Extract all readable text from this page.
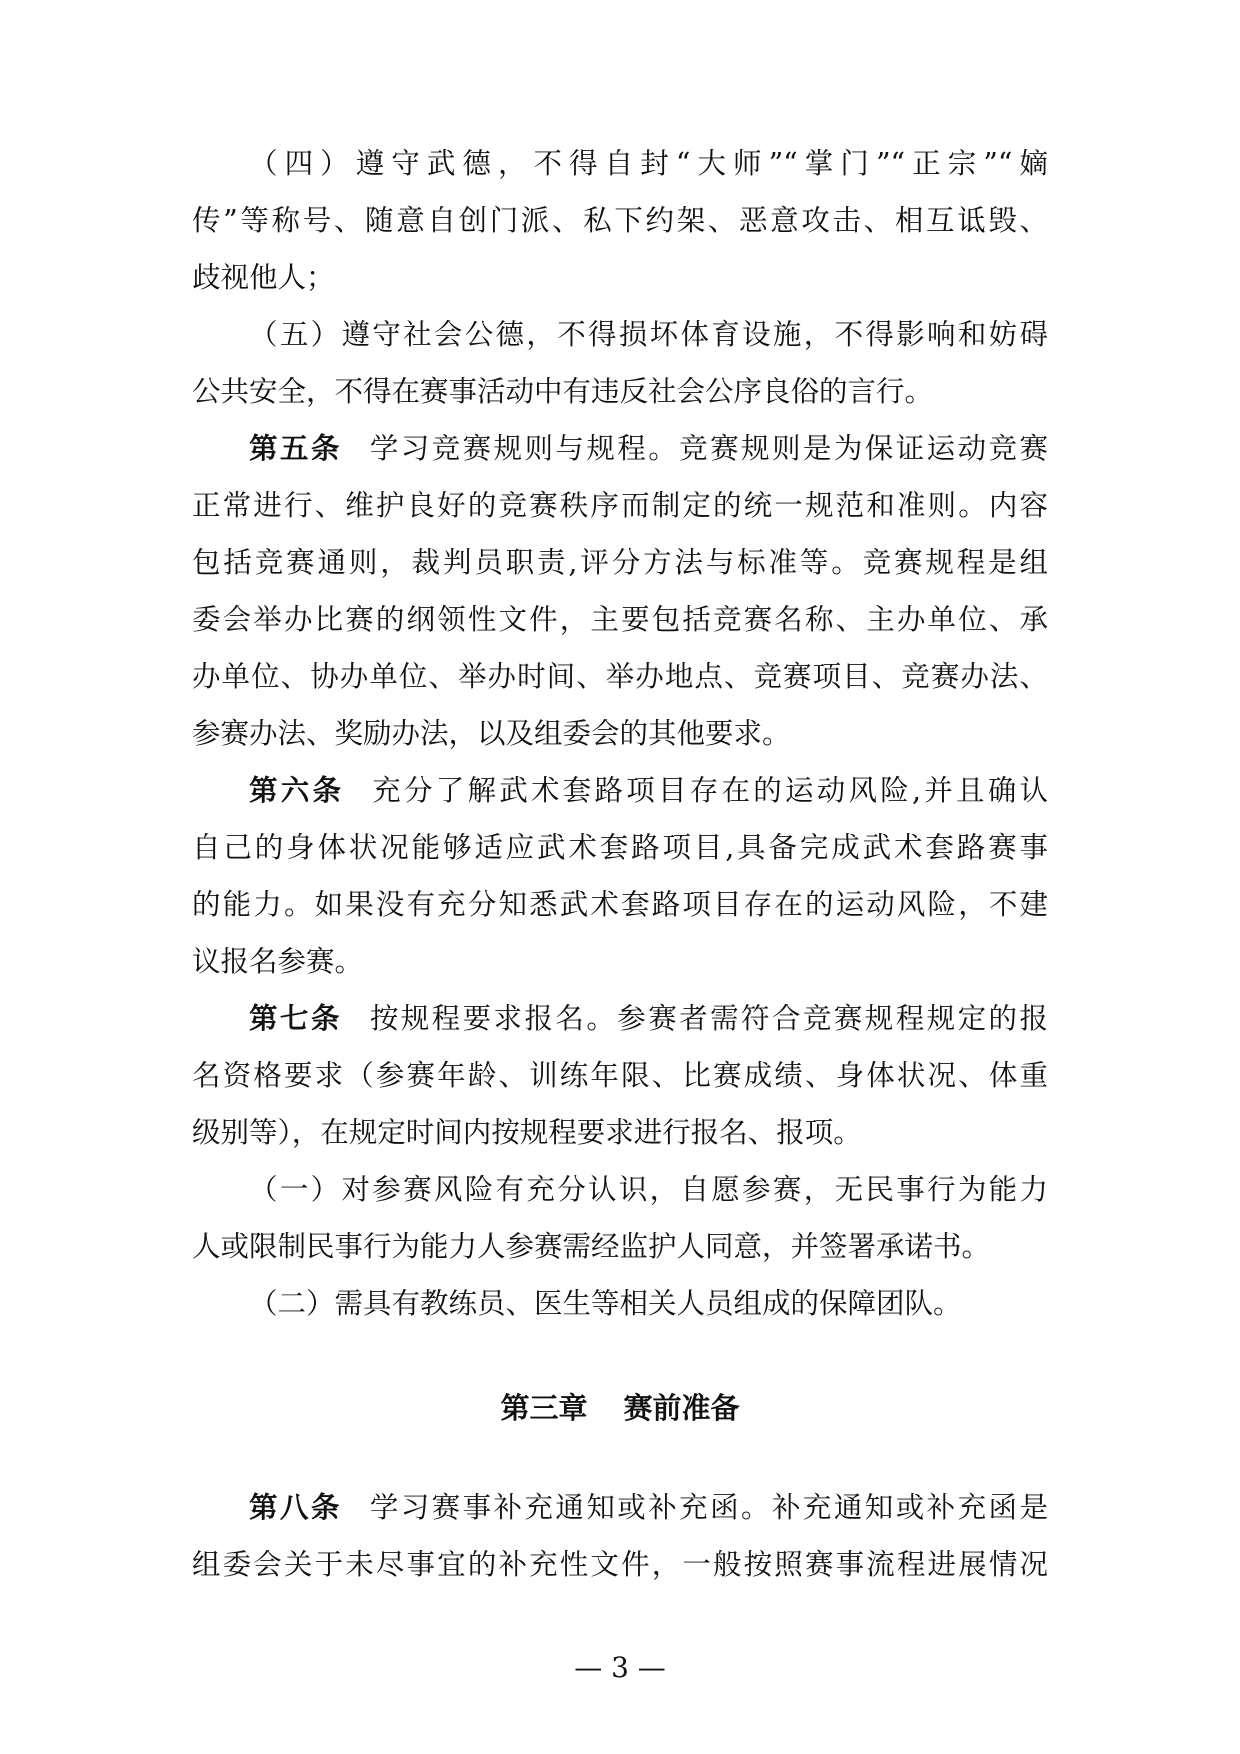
（四）遵守武德，不得自封“大师”“掌门”“正宗”“嫡
传”等称号、随意自创门派、私下约架、恶意攻击、相互诋毁、
歧视他人；
（五）遵守社会公德，不得损坏体育设施，不得影响和妨碍
公共安全，不得在赛事活动中有违反社会公序良俗的言行。
第五条 学习竞赛规则与规程。竞赛规则是为保证运动竞赛
正常进行、维护良好的竞赛秩序而制定的统一规范和准则。内容
包括竞赛通则，裁判员职责,评分方法与标准等。竞赛规程是组
委会举办比赛的纲领性文件，主要包括竞赛名称、主办单位、承
办单位、协办单位、举办时间、举办地点、竞赛项目、竞赛办法、
参赛办法、奖励办法，以及组委会的其他要求。
第六条 充分了解武术套路项目存在的运动风险,并且确认
自己的身体状况能够适应武术套路项目,具备完成武术套路赛事
的能力。如果没有充分知悉武术套路项目存在的运动风险，不建
议报名参赛。
第七条 按规程要求报名。参赛者需符合竞赛规程规定的报
名资格要求（参赛年龄、训练年限、比赛成绩、身体状况、体重
级别等），在规定时间内按规程要求进行报名、报项。
（一）对参赛风险有充分认识，自愿参赛，无民事行为能力
人或限制民事行为能力人参赛需经监护人同意，并签署承诺书。
（二）需具有教练员、医生等相关人员组成的保障团队。
第三章 赛前准备
第八条 学习赛事补充通知或补充函。补充通知或补充函是
组委会关于未尽事宜的补充性文件，一般按照赛事流程进展情况
— 3 —
